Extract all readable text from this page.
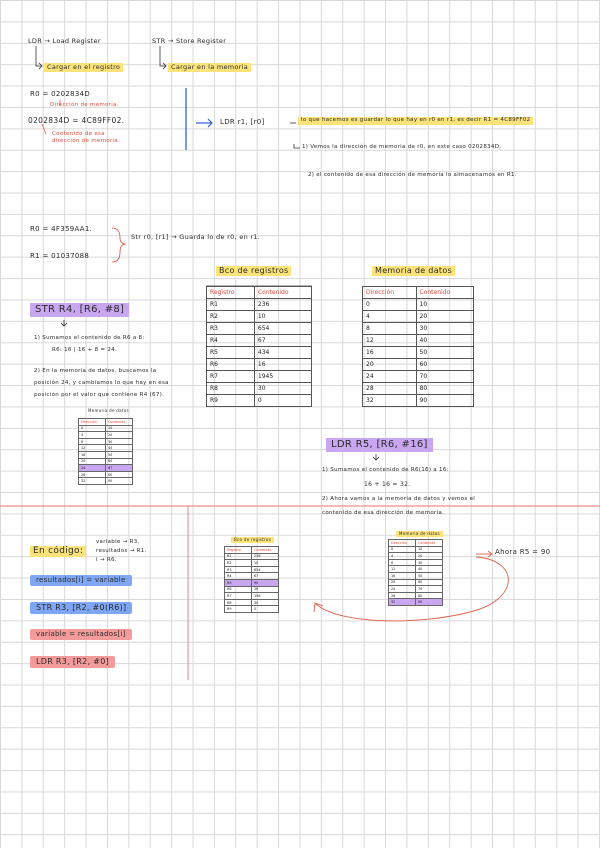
LDR → Load Register	STR → Store Register
Cargar en el registro	Cargar en la memoria
R0 = 0202834D
Dirección de memoria.
0202834D = 4C89FF02.
Contenido de esa
dirección de memoria.
LDR r1, [r0]	lo que hacemos es guardar lo que hay en r0 en r1, es decir R1 = 4C89FF02
1) Vemos la dirección de memoria de r0, en este caso 0202834D,
2) el contenido de esa dirección de memoria lo almacenamos en R1.
R0 = 4F359AA1.
R1 = 01037088
Str r0, [r1] → Guarda lo de r0, en r1.
Bco de registros
Registro	Contenido
R1	236
R2	10
R3	654
R4	67
R5	434
R6	16
R7	1945
R8	30
R9	0
Memoria de datos
Dirección	Contenido
0	10
4	20
8	30
12	40
16	50
20	60
24	70
28	80
32	90
STR R4, [R6, #8]
1) Sumamos el contenido de R6 a 8:
R6: 16 | 16 + 8 = 24.
2) En la memoria de datos, buscamos la
posición 24, y cambiamos lo que hay en esa
posición por el valor que contiene R4 (67).
Memoria de datos
Dirección	Contenido
0	10
4	20
8	30
12	40
16	50
20	60
24	67
28	80
32	90
LDR R5, [R6, #16]
1) Sumamos el contenido de R6(16) a 16:
16 + 16 = 32.
2) Ahora vamos a la memoria de datos y vemos el
contenido de esa dirección de memoria.
Ahora R5 = 90
En código:
variable → R3.
resultados → R1.
i → R6.
resultados[i] = variable
STR R3, [R2, #0(R6)]
variable = resultados[i]
LDR R3, [R2, #0]
Bco de registros
Registro	Contenido
R1	236
R2	10
R3	654
R4	67
R5	90
R6	16
R7	198
R8	30
R9	0
Memoria de datos
Dirección	Contenido
0	10
4	20
8	30
12	40
16	50
20	60
24	70
28	80
32	90
